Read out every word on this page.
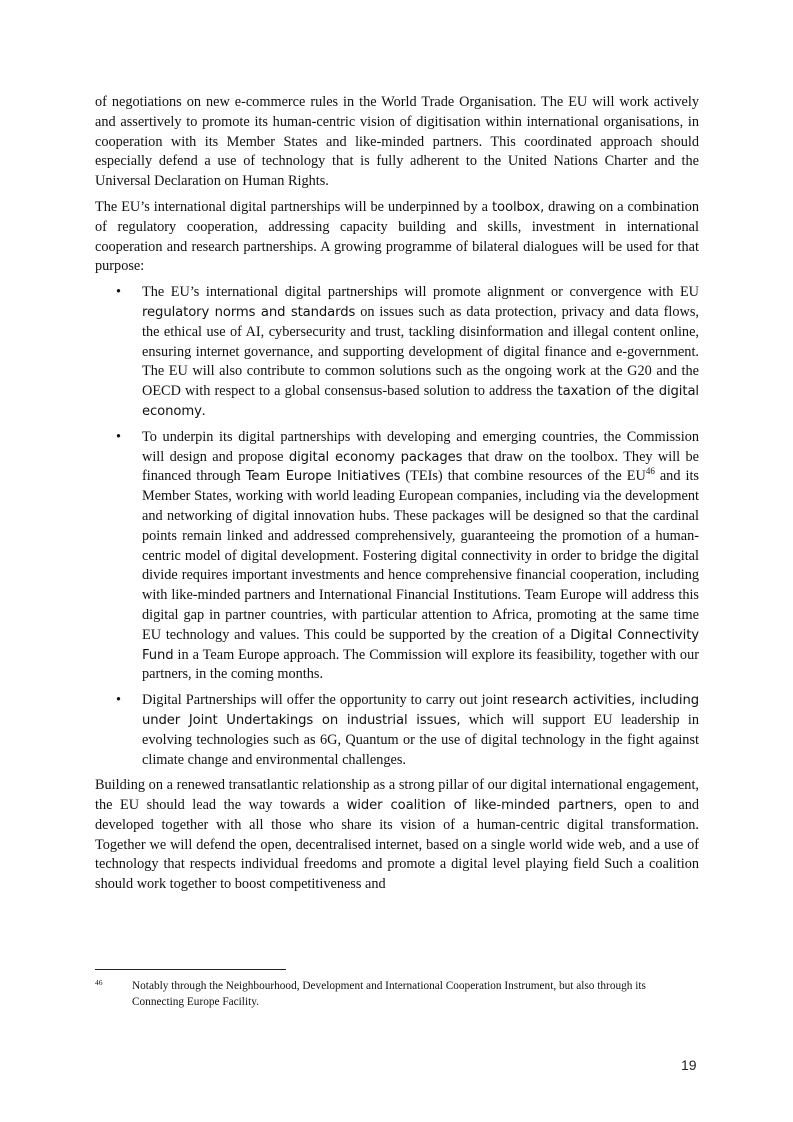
of negotiations on new e-commerce rules in the World Trade Organisation. The EU will work actively and assertively to promote its human-centric vision of digitisation within international organisations, in cooperation with its Member States and like-minded partners. This coordinated approach should especially defend a use of technology that is fully adherent to the United Nations Charter and the Universal Declaration on Human Rights.

The EU’s international digital partnerships will be underpinned by a toolbox, drawing on a combination of regulatory cooperation, addressing capacity building and skills, investment in international cooperation and research partnerships. A growing programme of bilateral dialogues will be used for that purpose:

• The EU’s international digital partnerships will promote alignment or convergence with EU regulatory norms and standards on issues such as data protection, privacy and data flows, the ethical use of AI, cybersecurity and trust, tackling disinformation and illegal content online, ensuring internet governance, and supporting development of digital finance and e-government. The EU will also contribute to common solutions such as the ongoing work at the G20 and the OECD with respect to a global consensus-based solution to address the taxation of the digital economy.

• To underpin its digital partnerships with developing and emerging countries, the Commission will design and propose digital economy packages that draw on the toolbox. They will be financed through Team Europe Initiatives (TEIs) that combine resources of the EU$^{46}$ and its Member States, working with world leading European companies, including via the development and networking of digital innovation hubs. These packages will be designed so that the cardinal points remain linked and addressed comprehensively, guaranteeing the promotion of a human-centric model of digital development. Fostering digital connectivity in order to bridge the digital divide requires important investments and hence comprehensive financial cooperation, including with like-minded partners and International Financial Institutions. Team Europe will address this digital gap in partner countries, with particular attention to Africa, promoting at the same time EU technology and values. This could be supported by the creation of a Digital Connectivity Fund in a Team Europe approach. The Commission will explore its feasibility, together with our partners, in the coming months.

• Digital Partnerships will offer the opportunity to carry out joint research activities, including under Joint Undertakings on industrial issues, which will support EU leadership in evolving technologies such as 6G, Quantum or the use of digital technology in the fight against climate change and environmental challenges.

Building on a renewed transatlantic relationship as a strong pillar of our digital international engagement, the EU should lead the way towards a wider coalition of like-minded partners, open to and developed together with all those who share its vision of a human-centric digital transformation. Together we will defend the open, decentralised internet, based on a single world wide web, and a use of technology that respects individual freedoms and promote a digital level playing field Such a coalition should work together to boost competitiveness and

46	Notably through the Neighbourhood, Development and International Cooperation Instrument, but also through its Connecting Europe Facility.
19
